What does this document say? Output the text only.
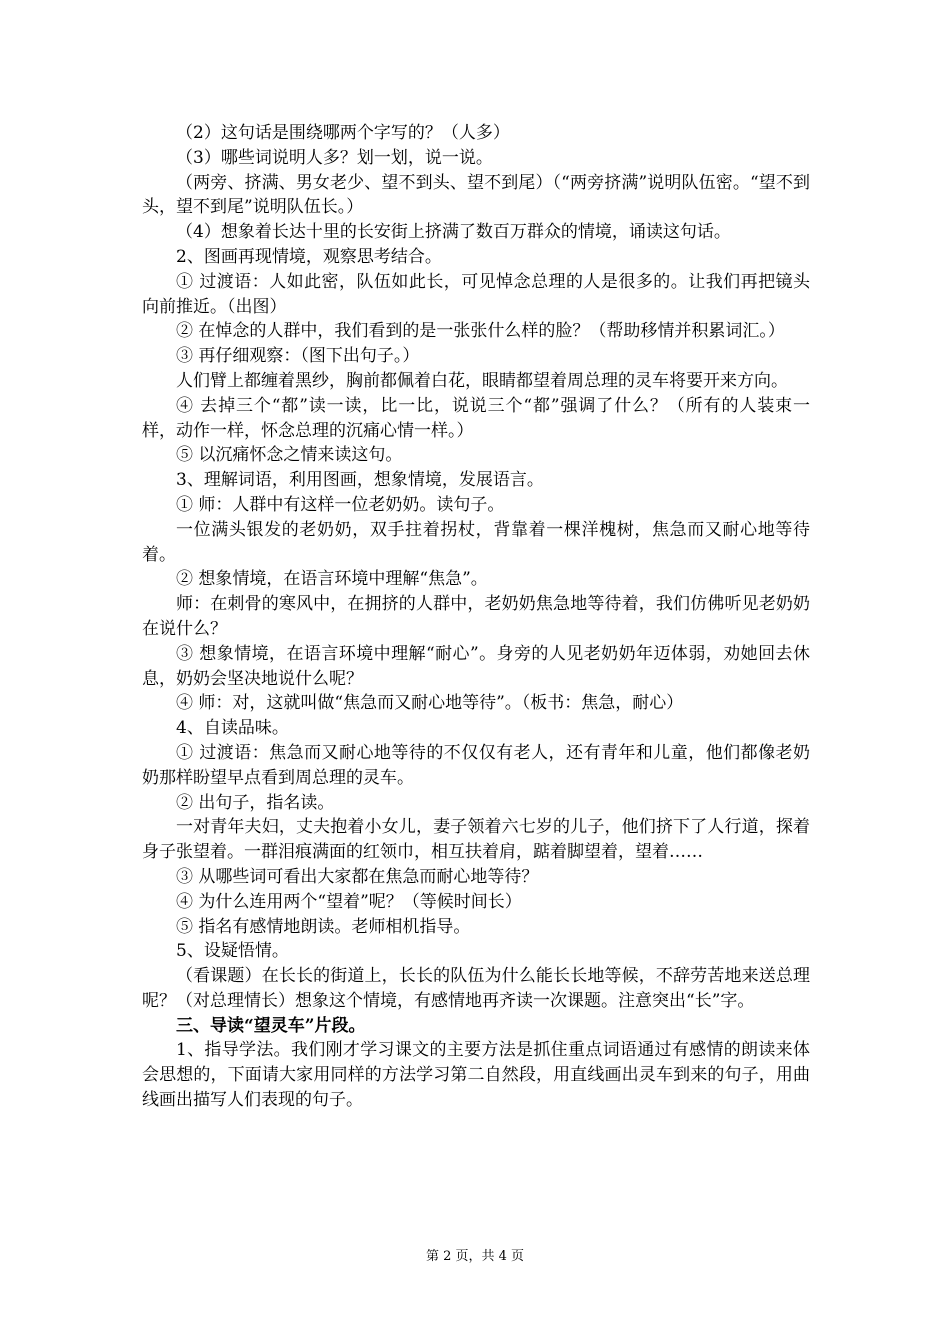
（2）这句话是围绕哪两个字写的？（人多）

（3）哪些词说明人多？划一划，说一说。

（两旁、挤满、男女老少、望不到头、望不到尾）（“两旁挤满”说明队伍密。“望不到头，望不到尾”说明队伍长。）

（4）想象着长达十里的长安街上挤满了数百万群众的情境，诵读这句话。

2、图画再现情境，观察思考结合。

① 过渡语：人如此密，队伍如此长，可见悼念总理的人是很多的。让我们再把镜头向前推近。（出图）

② 在悼念的人群中，我们看到的是一张张什么样的脸？（帮助移情并积累词汇。）

③ 再仔细观察：（图下出句子。）

人们臂上都缠着黑纱，胸前都佩着白花，眼睛都望着周总理的灵车将要开来方向。

④ 去掉三个“都”读一读，比一比，说说三个“都”强调了什么？（所有的人装束一样，动作一样，怀念总理的沉痛心情一样。）

⑤ 以沉痛怀念之情来读这句。

3、理解词语，利用图画，想象情境，发展语言。

① 师：人群中有这样一位老奶奶。读句子。

一位满头银发的老奶奶，双手拄着拐杖，背靠着一棵洋槐树，焦急而又耐心地等待着。

② 想象情境，在语言环境中理解“焦急”。

师：在刺骨的寒风中，在拥挤的人群中，老奶奶焦急地等待着，我们仿佛听见老奶奶在说什么？

③ 想象情境，在语言环境中理解“耐心”。身旁的人见老奶奶年迈体弱，劝她回去休息，奶奶会坚决地说什么呢？

④ 师：对，这就叫做“焦急而又耐心地等待”。（板书：焦急，耐心）

4、自读品味。

① 过渡语：焦急而又耐心地等待的不仅仅有老人，还有青年和儿童，他们都像老奶奶那样盼望早点看到周总理的灵车。

② 出句子，指名读。

一对青年夫妇，丈夫抱着小女儿，妻子领着六七岁的儿子，他们挤下了人行道，探着身子张望着。一群泪痕满面的红领巾，相互扶着肩，踮着脚望着，望着……

③ 从哪些词可看出大家都在焦急而耐心地等待？

④ 为什么连用两个“望着”呢？（等候时间长）

⑤ 指名有感情地朗读。老师相机指导。

5、设疑悟情。

（看课题）在长长的街道上，长长的队伍为什么能长长地等候，不辞劳苦地来送总理呢？（对总理情长）想象这个情境，有感情地再齐读一次课题。注意突出“长”字。

三、导读“望灵车”片段。

1、指导学法。我们刚才学习课文的主要方法是抓住重点词语通过有感情的朗读来体会思想的，下面请大家用同样的方法学习第二自然段，用直线画出灵车到来的句子，用曲线画出描写人们表现的句子。

第 2 页，共 4 页
